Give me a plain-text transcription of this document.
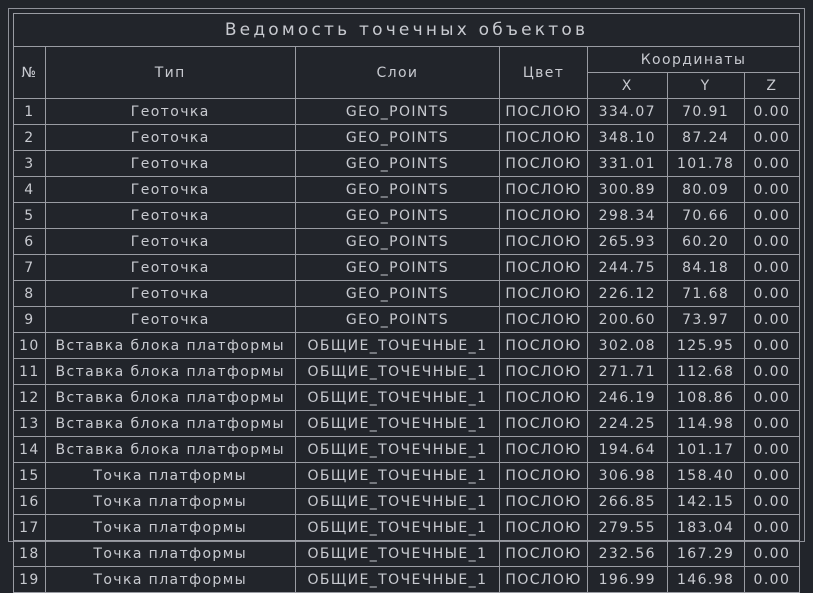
Ведомость точечных объектов						
№	Тип	Слои	Цвет	Координаты		
				X	Y	Z
1	Геоточка	GEO_POINTS	ПОСЛОЮ	334.07	70.91	0.00
2	Геоточка	GEO_POINTS	ПОСЛОЮ	348.10	87.24	0.00
3	Геоточка	GEO_POINTS	ПОСЛОЮ	331.01	101.78	0.00
4	Геоточка	GEO_POINTS	ПОСЛОЮ	300.89	80.09	0.00
5	Геоточка	GEO_POINTS	ПОСЛОЮ	298.34	70.66	0.00
6	Геоточка	GEO_POINTS	ПОСЛОЮ	265.93	60.20	0.00
7	Геоточка	GEO_POINTS	ПОСЛОЮ	244.75	84.18	0.00
8	Геоточка	GEO_POINTS	ПОСЛОЮ	226.12	71.68	0.00
9	Геоточка	GEO_POINTS	ПОСЛОЮ	200.60	73.97	0.00
10	Вставка блока платформы	ОБЩИЕ_ТОЧЕЧНЫЕ_1	ПОСЛОЮ	302.08	125.95	0.00
11	Вставка блока платформы	ОБЩИЕ_ТОЧЕЧНЫЕ_1	ПОСЛОЮ	271.71	112.68	0.00
12	Вставка блока платформы	ОБЩИЕ_ТОЧЕЧНЫЕ_1	ПОСЛОЮ	246.19	108.86	0.00
13	Вставка блока платформы	ОБЩИЕ_ТОЧЕЧНЫЕ_1	ПОСЛОЮ	224.25	114.98	0.00
14	Вставка блока платформы	ОБЩИЕ_ТОЧЕЧНЫЕ_1	ПОСЛОЮ	194.64	101.17	0.00
15	Точка платформы	ОБЩИЕ_ТОЧЕЧНЫЕ_1	ПОСЛОЮ	306.98	158.40	0.00
16	Точка платформы	ОБЩИЕ_ТОЧЕЧНЫЕ_1	ПОСЛОЮ	266.85	142.15	0.00
17	Точка платформы	ОБЩИЕ_ТОЧЕЧНЫЕ_1	ПОСЛОЮ	279.55	183.04	0.00
18	Точка платформы	ОБЩИЕ_ТОЧЕЧНЫЕ_1	ПОСЛОЮ	232.56	167.29	0.00
19	Точка платформы	ОБЩИЕ_ТОЧЕЧНЫЕ_1	ПОСЛОЮ	196.99	146.98	0.00
